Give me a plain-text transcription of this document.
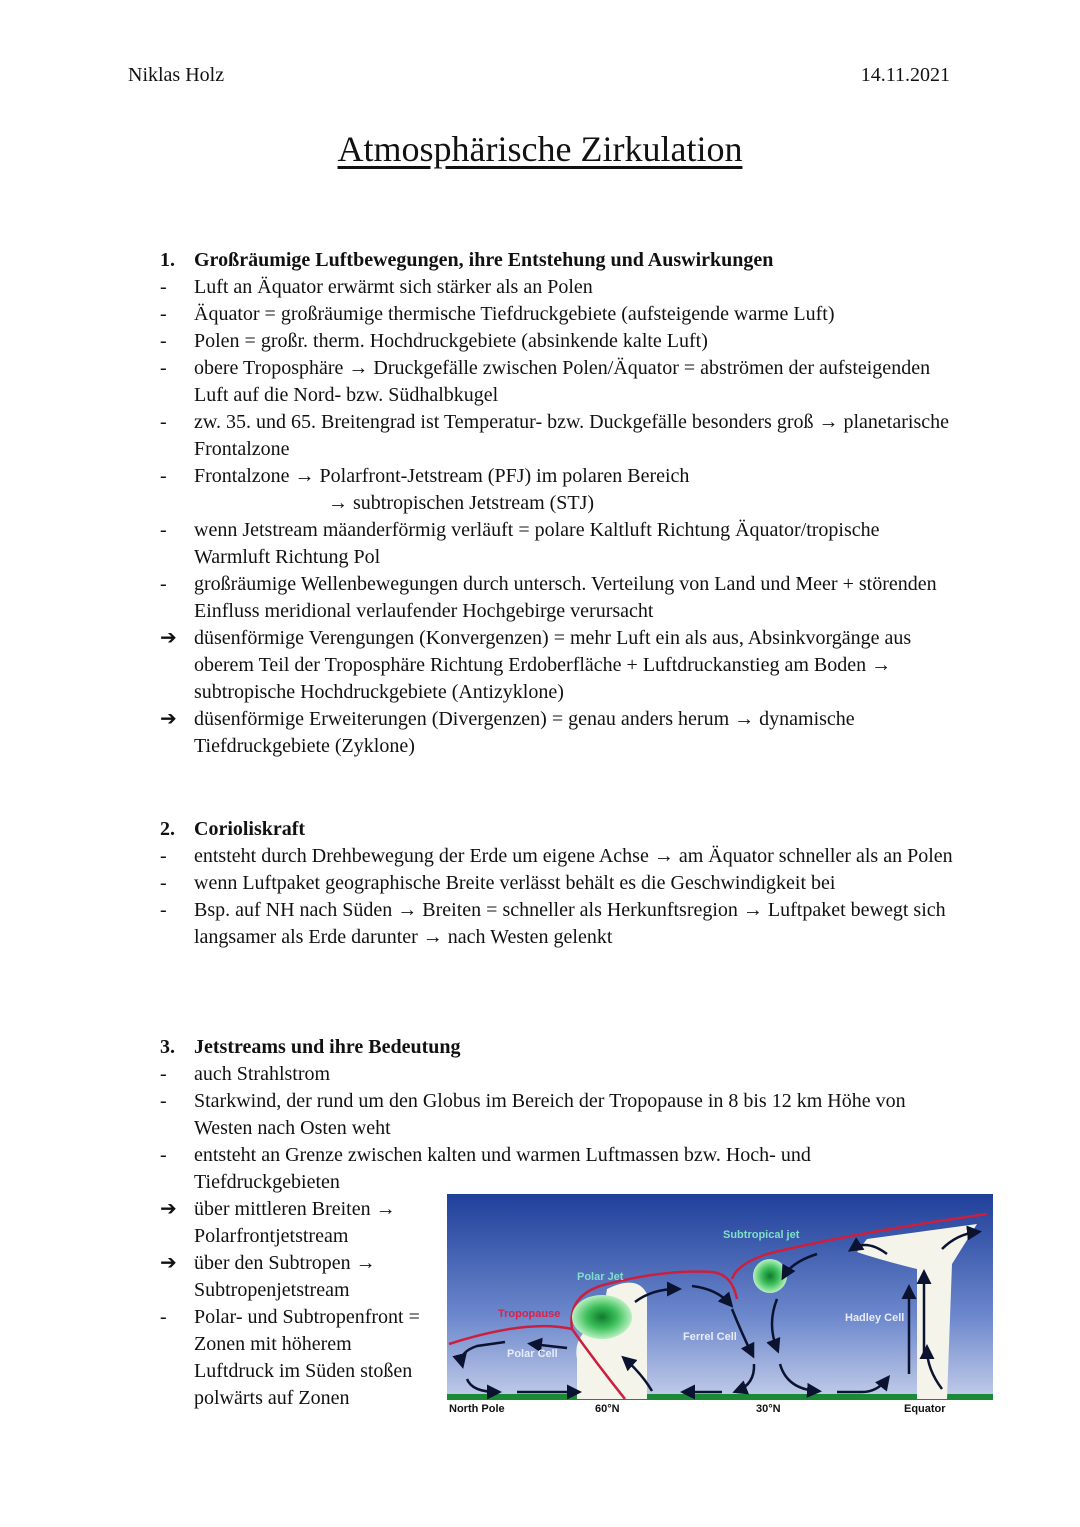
Niklas Holz	14.11.2021
Atmosphärische Zirkulation
1. Großräumige Luftbewegungen, ihre Entstehung und Auswirkungen
-	Luft an Äquator erwärmt sich stärker als an Polen
-	Äquator = großräumige thermische Tiefdruckgebiete (aufsteigende warme Luft)
-	Polen = großr. therm. Hochdruckgebiete (absinkende kalte Luft)
-	obere Troposphäre → Druckgefälle zwischen Polen/Äquator = abströmen der aufsteigenden Luft auf die Nord- bzw. Südhalbkugel
-	zw. 35. und 65. Breitengrad ist Temperatur- bzw. Duckgefälle besonders groß → planetarische Frontalzone
-	Frontalzone → Polarfront-Jetstream (PFJ) im polaren Bereich
→ subtropischen Jetstream (STJ)
-	wenn Jetstream mäanderförmig verläuft = polare Kaltluft Richtung Äquator/tropische Warmluft Richtung Pol
-	großräumige Wellenbewegungen durch untersch. Verteilung von Land und Meer + störenden Einfluss meridional verlaufender Hochgebirge verursacht
➔ düsenförmige Verengungen (Konvergenzen) = mehr Luft ein als aus, Absinkvorgänge aus oberem Teil der Troposphäre Richtung Erdoberfläche + Luftdruckanstieg am Boden → subtropische Hochdruckgebiete (Antizyklone)
➔ düsenförmige Erweiterungen (Divergenzen) = genau anders herum → dynamische Tiefdruckgebiete (Zyklone)
2. Corioliskraft
-	entsteht durch Drehbewegung der Erde um eigene Achse → am Äquator schneller als an Polen
-	wenn Luftpaket geographische Breite verlässt behält es die Geschwindigkeit bei
-	Bsp. auf NH nach Süden → Breiten = schneller als Herkunftsregion → Luftpaket bewegt sich langsamer als Erde darunter → nach Westen gelenkt
3. Jetstreams und ihre Bedeutung
-	auch Strahlstrom
-	Starkwind, der rund um den Globus im Bereich der Tropopause in 8 bis 12 km Höhe von Westen nach Osten weht
-	entsteht an Grenze zwischen kalten und warmen Luftmassen bzw. Hoch- und Tiefdruckgebieten
➔ über mittleren Breiten → Polarfrontjetstream
➔ über den Subtropen → Subtropenjetstream
-	Polar- und Subtropenfront = Zonen mit höherem Luftdruck im Süden stoßen polwärts auf Zonen
Subtropical jet
Polar Jet
Tropopause	Hadley Cell
Ferrel Cell
Polar Cell
North Pole	60°N	30°N	Equator
